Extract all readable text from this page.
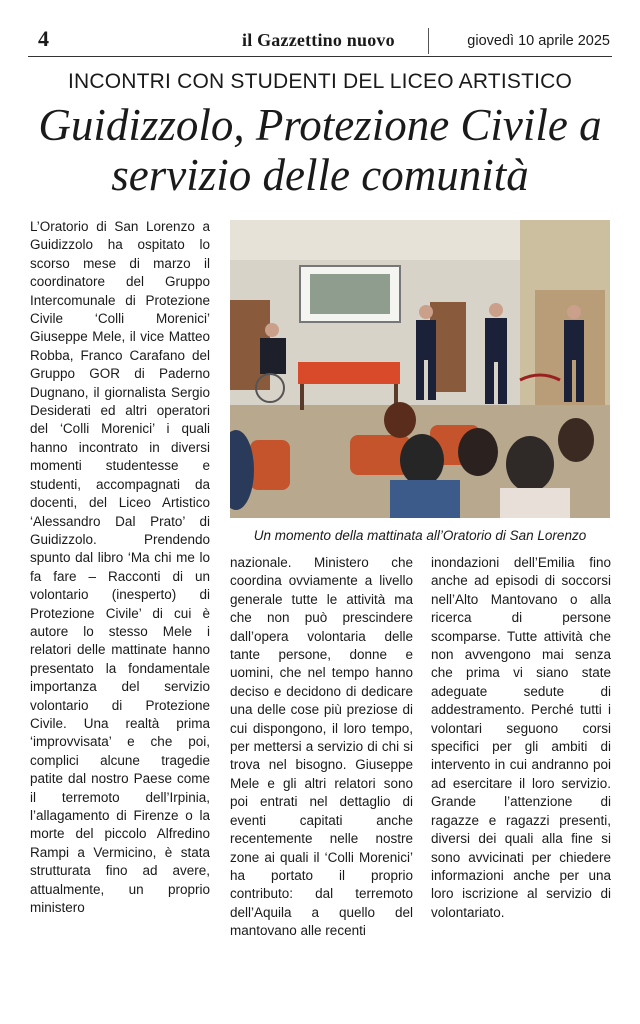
4	il Gazzettino nuovo	giovedì 10 aprile 2025
INCONTRI CON STUDENTI DEL LICEO ARTISTICO
Guidizzolo, Protezione Civile a
servizio delle comunità
L’Oratorio di San Lorenzo a Guidizzolo ha ospitato lo scorso mese di marzo il coordinatore del Gruppo Intercomunale di Protezione Civile ‘Colli Morenici’ Giuseppe Mele, il vice Matteo Robba, Franco Carafano del Gruppo GOR di Paderno Dugnano, il giornalista Sergio Desiderati ed altri operatori del ‘Colli Morenici’ i quali hanno incontrato in diversi momenti studentesse e studenti, accompagnati da docenti, del Liceo Artistico ‘Alessandro Dal Prato’ di Guidizzolo. Prendendo spunto dal libro ‘Ma chi me lo fa fare – Racconti di un volontario (inesperto) di Protezione Civile’ di cui è autore lo stesso Mele i relatori delle mattinate hanno presentato la fondamentale importanza del servizio volontario di Protezione Civile. Una realtà prima ‘improvvisata’ e che poi, complici alcune tragedie patite dal nostro Paese come il terremoto dell’Irpinia, l’allagamento di Firenze o la morte del piccolo Alfredino Rampi a Vermicino, è stata strutturata fino ad avere, attualmente, un proprio ministero
Un momento della mattinata all’Oratorio di San Lorenzo
nazionale. Ministero che coordina ovviamente a livello generale tutte le attività ma che non può prescindere dall’opera volontaria delle tante persone, donne e uomini, che nel tempo hanno deciso e decidono di dedicare una delle cose più preziose di cui dispongono, il loro tempo, per mettersi a servizio di chi si trova nel bisogno. Giuseppe Mele e gli altri relatori sono poi entrati nel dettaglio di eventi capitati anche recentemente nelle nostre zone ai quali il ‘Colli Morenici’ ha portato il proprio contributo: dal terremoto dell’Aquila a quello del mantovano alle recenti
inondazioni dell’Emilia fino anche ad episodi di soccorsi nell’Alto Mantovano o alla ricerca di persone scomparse. Tutte attività che non avvengono mai senza che prima vi siano state adeguate sedute di addestramento. Perché tutti i volontari seguono corsi specifici per gli ambiti di intervento in cui andranno poi ad esercitare il loro servizio. Grande l’attenzione di ragazze e ragazzi presenti, diversi dei quali alla fine si sono avvicinati per chiedere informazioni anche per una loro iscrizione al servizio di volontariato.
